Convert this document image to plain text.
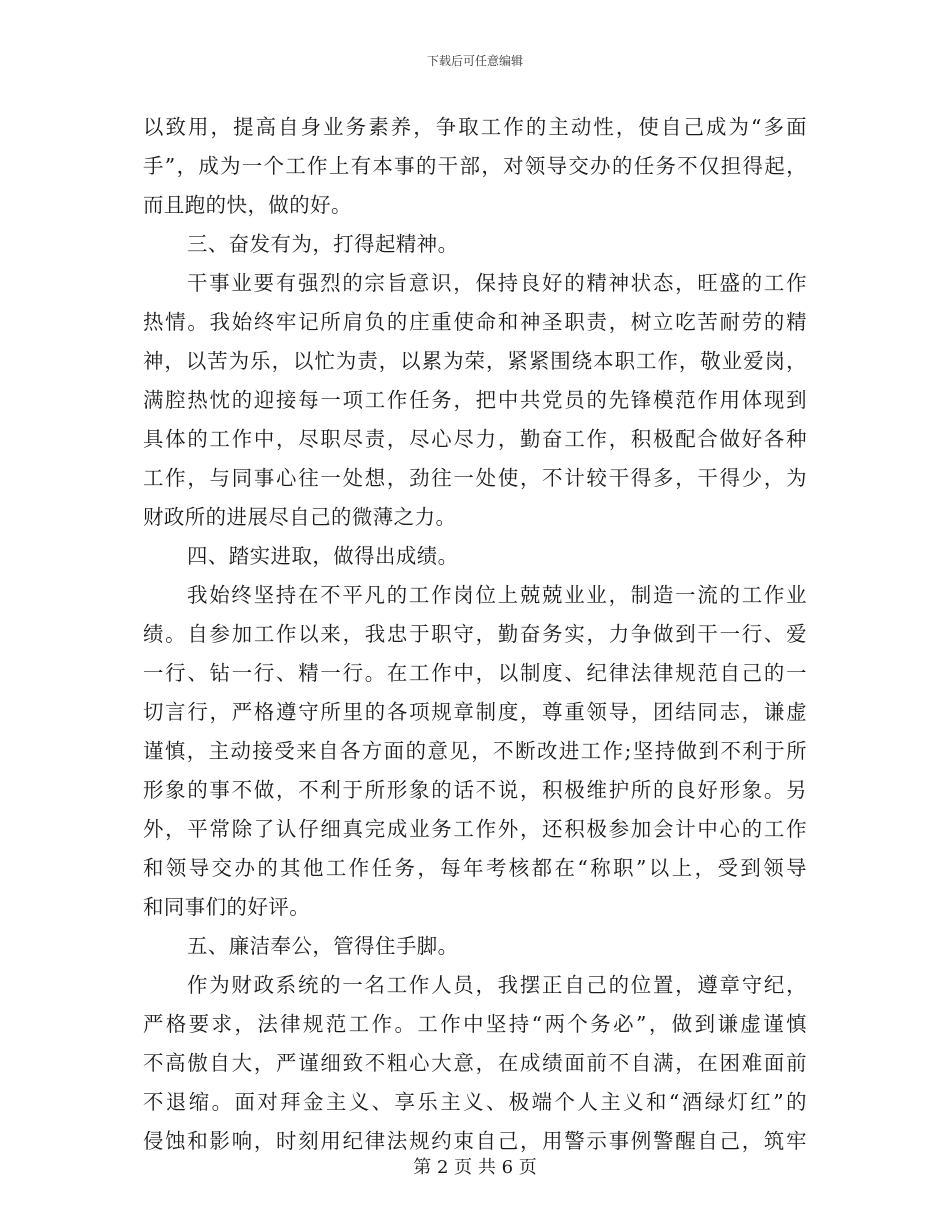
下载后可任意编辑
以致用，提高自身业务素养，争取工作的主动性，使自己成为“多面
手”，成为一个工作上有本事的干部，对领导交办的任务不仅担得起，
而且跑的快，做的好。
三、奋发有为，打得起精神。
干事业要有强烈的宗旨意识，保持良好的精神状态，旺盛的工作
热情。我始终牢记所肩负的庄重使命和神圣职责，树立吃苦耐劳的精
神，以苦为乐，以忙为责，以累为荣，紧紧围绕本职工作，敬业爱岗，
满腔热忱的迎接每一项工作任务，把中共党员的先锋模范作用体现到
具体的工作中，尽职尽责，尽心尽力，勤奋工作，积极配合做好各种
工作，与同事心往一处想，劲往一处使，不计较干得多，干得少，为
财政所的进展尽自己的微薄之力。
四、踏实进取，做得出成绩。
我始终坚持在不平凡的工作岗位上兢兢业业，制造一流的工作业
绩。自参加工作以来，我忠于职守，勤奋务实，力争做到干一行、爱
一行、钻一行、精一行。在工作中，以制度、纪律法律规范自己的一
切言行，严格遵守所里的各项规章制度，尊重领导，团结同志，谦虚
谨慎，主动接受来自各方面的意见，不断改进工作;坚持做到不利于所
形象的事不做，不利于所形象的话不说，积极维护所的良好形象。另
外，平常除了认仔细真完成业务工作外，还积极参加会计中心的工作
和领导交办的其他工作任务，每年考核都在“称职”以上，受到领导
和同事们的好评。
五、廉洁奉公，管得住手脚。
作为财政系统的一名工作人员，我摆正自己的位置，遵章守纪，
严格要求，法律规范工作。工作中坚持“两个务必”，做到谦虚谨慎
不高傲自大，严谨细致不粗心大意，在成绩面前不自满，在困难面前
不退缩。面对拜金主义、享乐主义、极端个人主义和“酒绿灯红”的
侵蚀和影响，时刻用纪律法规约束自己，用警示事例警醒自己，筑牢
第 2 页 共 6 页
